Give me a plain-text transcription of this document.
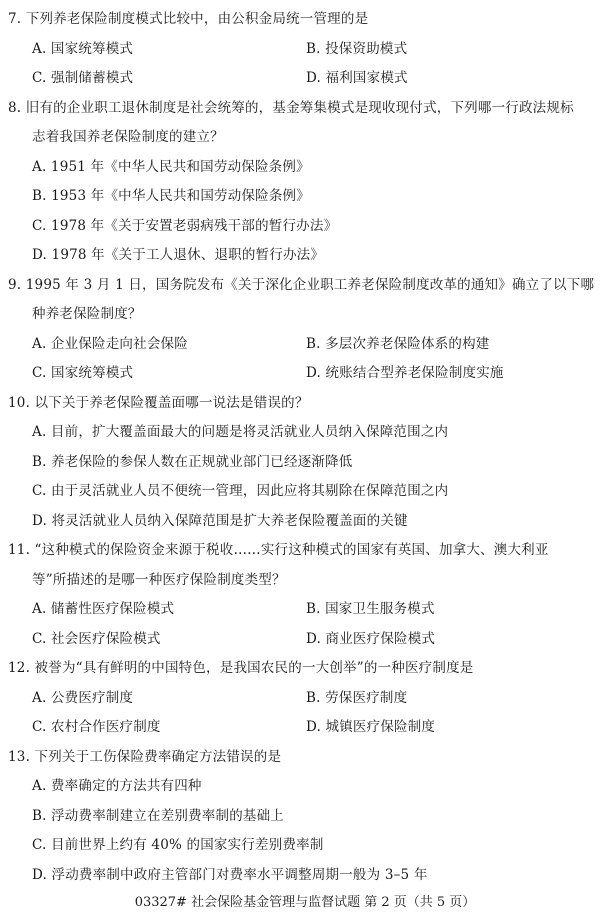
7. 下列养老保险制度模式比较中，由公积金局统一管理的是
A. 国家统筹模式	B. 投保资助模式
C. 强制储蓄模式	D. 福利国家模式
8. 旧有的企业职工退休制度是社会统筹的，基金筹集模式是现收现付式，下列哪一行政法规标
志着我国养老保险制度的建立？
A. 1951 年《中华人民共和国劳动保险条例》
B. 1953 年《中华人民共和国劳动保险条例》
C. 1978 年《关于安置老弱病残干部的暂行办法》
D. 1978 年《关于工人退休、退职的暂行办法》
9. 1995 年 3 月 1 日，国务院发布《关于深化企业职工养老保险制度改革的通知》确立了以下哪
种养老保险制度？
A. 企业保险走向社会保险	B. 多层次养老保险体系的构建
C. 国家统筹模式	D. 统账结合型养老保险制度实施
10. 以下关于养老保险覆盖面哪一说法是错误的？
A. 目前，扩大覆盖面最大的问题是将灵活就业人员纳入保障范围之内
B. 养老保险的参保人数在正规就业部门已经逐渐降低
C. 由于灵活就业人员不便统一管理，因此应将其剔除在保障范围之内
D. 将灵活就业人员纳入保障范围是扩大养老保险覆盖面的关键
11. “这种模式的保险资金来源于税收……实行这种模式的国家有英国、加拿大、澳大利亚
等”所描述的是哪一种医疗保险制度类型？
A. 储蓄性医疗保险模式	B. 国家卫生服务模式
C. 社会医疗保险模式	D. 商业医疗保险模式
12. 被誉为“具有鲜明的中国特色，是我国农民的一大创举”的一种医疗制度是
A. 公费医疗制度	B. 劳保医疗制度
C. 农村合作医疗制度	D. 城镇医疗保险制度
13. 下列关于工伤保险费率确定方法错误的是
A. 费率确定的方法共有四种
B. 浮动费率制建立在差别费率制的基础上
C. 目前世界上约有 40% 的国家实行差别费率制
D. 浮动费率制中政府主管部门对费率水平调整周期一般为 3–5 年
03327# 社会保险基金管理与监督试题 第 2 页（共 5 页）
